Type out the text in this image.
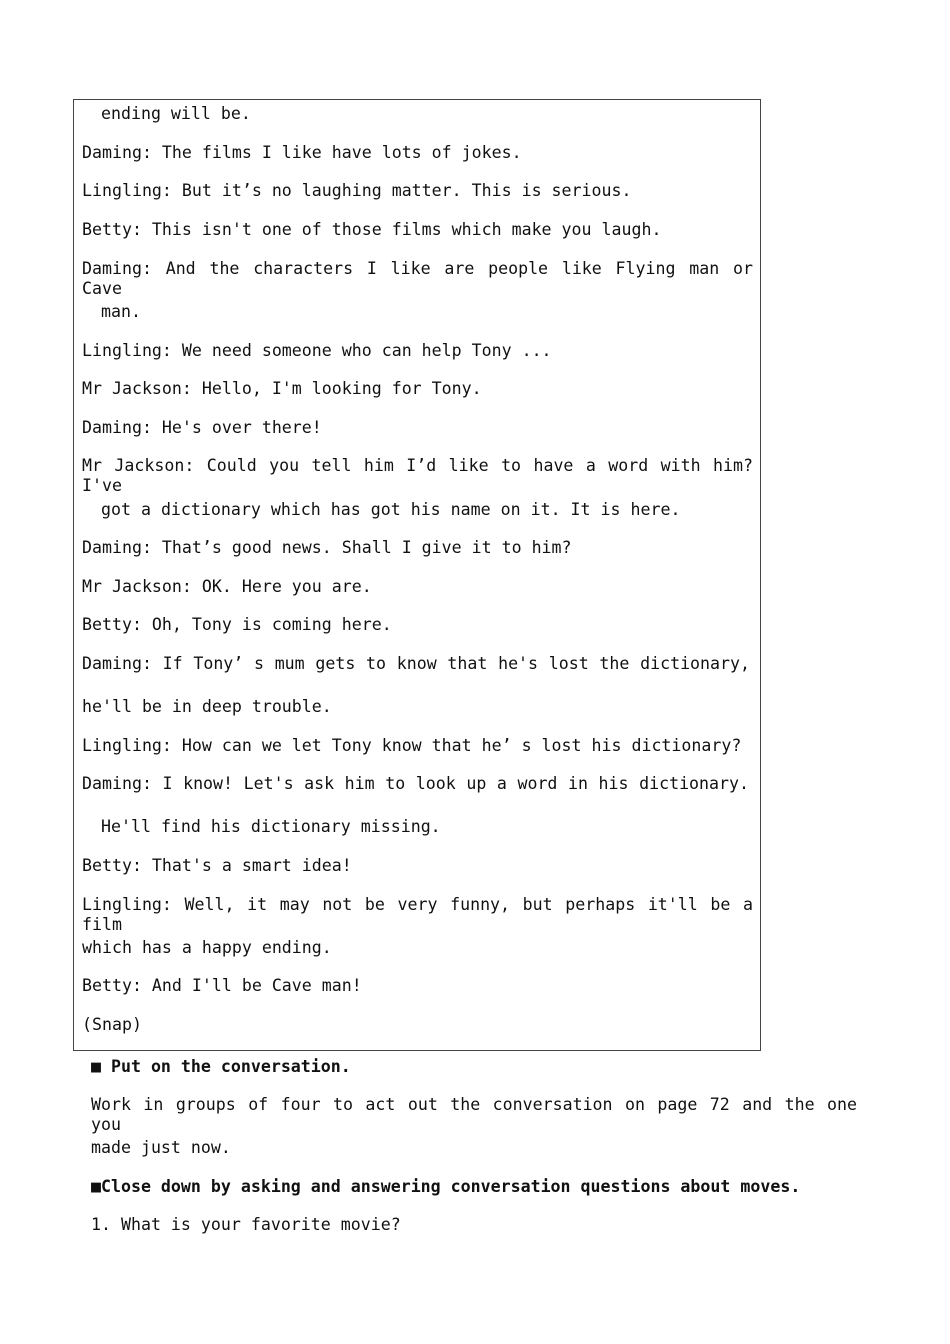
ending will be.
Daming: The films I like have lots of jokes.
Lingling: But it’s no laughing matter. This is serious.
Betty: This isn't one of those films which make you laugh.
Daming: And the characters I like are people like Flying man or Cave
man.
Lingling: We need someone who can help Tony ...
Mr Jackson: Hello, I'm looking for Tony.
Daming: He's over there!
Mr Jackson: Could you tell him I’d like to have a word with him? I've
got a dictionary which has got his name on it. It is here.
Daming: That’s good news. Shall I give it to him?
Mr Jackson: OK. Here you are.
Betty: Oh, Tony is coming here.
Daming: If Tony’ s mum gets to know that he's lost the dictionary,
he'll be in deep trouble.
Lingling: How can we let Tony know that he’ s lost his dictionary?
Daming: I know! Let's ask him to look up a word in his dictionary.
He'll find his dictionary missing.
Betty: That's a smart idea!
Lingling: Well, it may not be very funny, but perhaps it'll be a film
which has a happy ending.
Betty: And I'll be Cave man!
(Snap)
■ Put on the conversation.
Work in groups of four to act out the conversation on page 72 and the one you
made just now.
■Close down by asking and answering conversation questions about moves.
1. What is your favorite movie?
